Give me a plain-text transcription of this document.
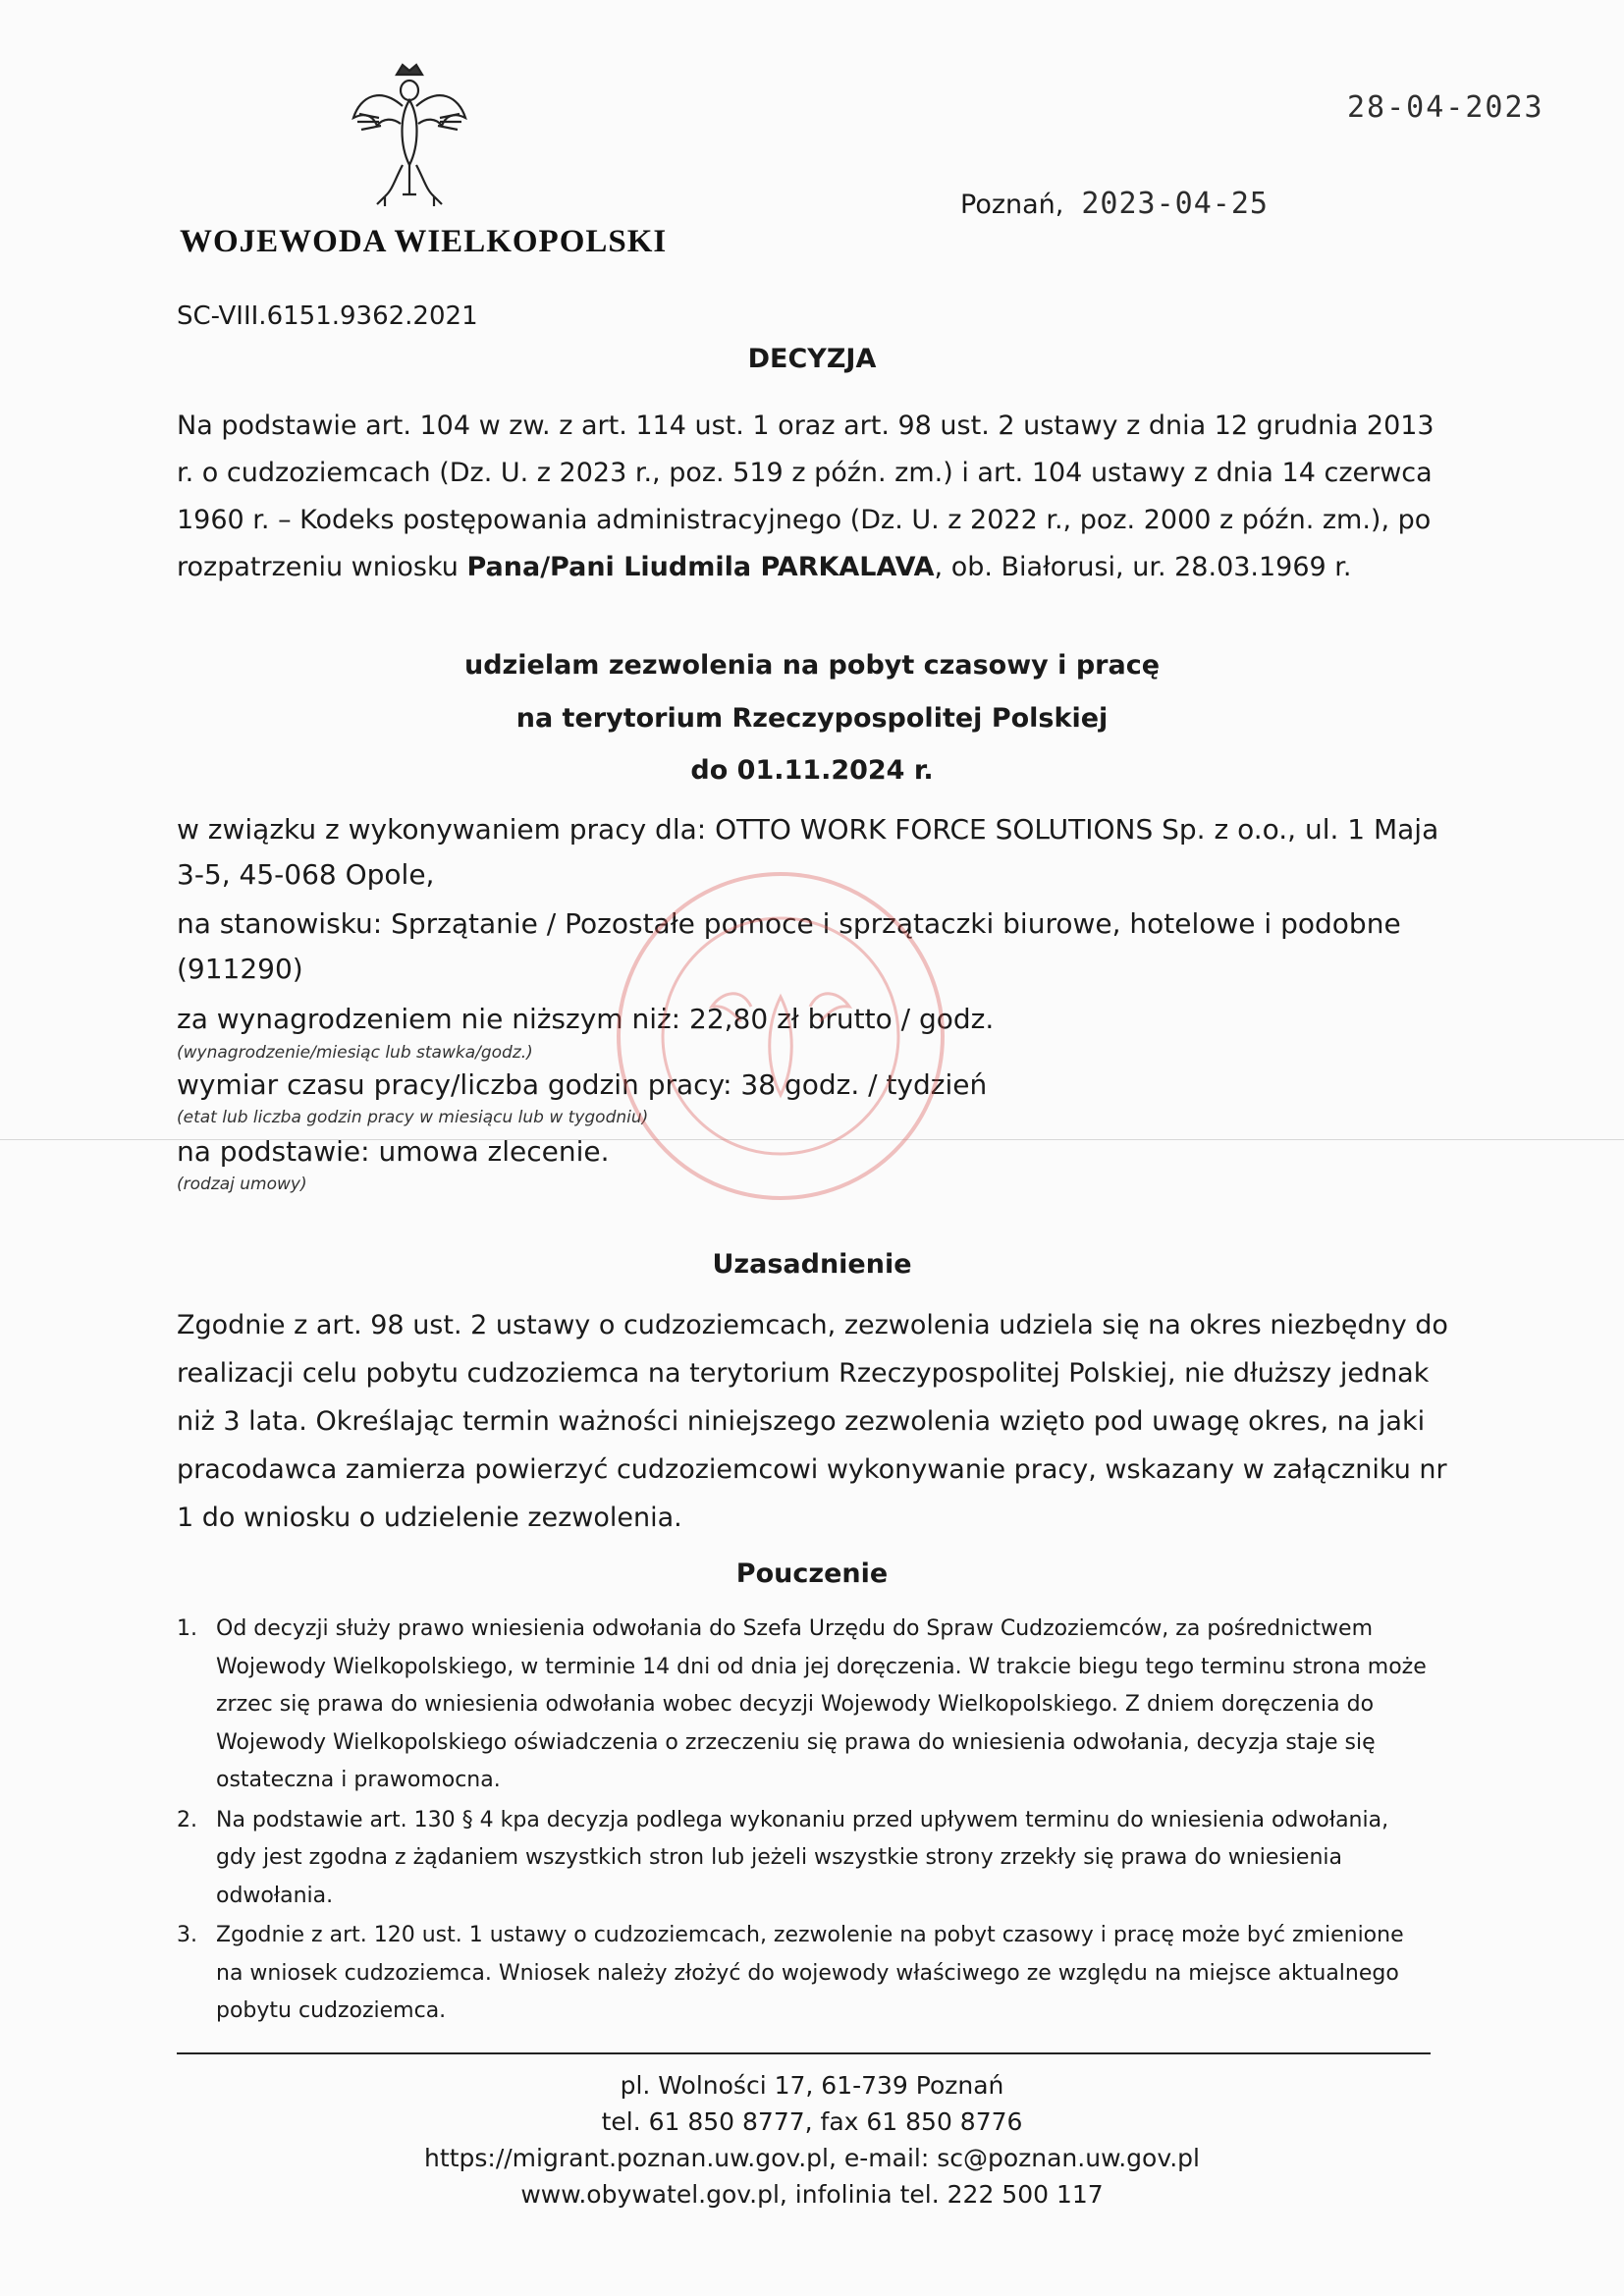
28-04-2023
WOJEWODA WIELKOPOLSKI
Poznań, 2023-04-25
SC-VIII.6151.9362.2021
DECYZJA
Na podstawie art. 104 w zw. z art. 114 ust. 1 oraz art. 98 ust. 2 ustawy z dnia 12 grudnia 2013 r. o cudzoziemcach (Dz. U. z 2023 r., poz. 519 z późn. zm.) i art. 104 ustawy z dnia 14 czerwca 1960 r. – Kodeks postępowania administracyjnego (Dz. U. z 2022 r., poz. 2000 z późn. zm.), po rozpatrzeniu wniosku Pana/Pani Liudmila PARKALAVA, ob. Białorusi, ur. 28.03.1969 r.
udzielam zezwolenia na pobyt czasowy i pracę
na terytorium Rzeczypospolitej Polskiej
do 01.11.2024 r.
w związku z wykonywaniem pracy dla: OTTO WORK FORCE SOLUTIONS Sp. z o.o., ul. 1 Maja 3-5, 45-068 Opole,
na stanowisku: Sprzątanie / Pozostałe pomoce i sprzątaczki biurowe, hotelowe i podobne (911290)
za wynagrodzeniem nie niższym niż: 22,80 zł brutto / godz.
(wynagrodzenie/miesiąc lub stawka/godz.)
wymiar czasu pracy/liczba godzin pracy: 38 godz. / tydzień
(etat lub liczba godzin pracy w miesiącu lub w tygodniu)
na podstawie: umowa zlecenie.
(rodzaj umowy)
Uzasadnienie
Zgodnie z art. 98 ust. 2 ustawy o cudzoziemcach, zezwolenia udziela się na okres niezbędny do realizacji celu pobytu cudzoziemca na terytorium Rzeczypospolitej Polskiej, nie dłuższy jednak niż 3 lata. Określając termin ważności niniejszego zezwolenia wzięto pod uwagę okres, na jaki pracodawca zamierza powierzyć cudzoziemcowi wykonywanie pracy, wskazany w załączniku nr 1 do wniosku o udzielenie zezwolenia.
Pouczenie
1. Od decyzji służy prawo wniesienia odwołania do Szefa Urzędu do Spraw Cudzoziemców, za pośrednictwem Wojewody Wielkopolskiego, w terminie 14 dni od dnia jej doręczenia. W trakcie biegu tego terminu strona może zrzec się prawa do wniesienia odwołania wobec decyzji Wojewody Wielkopolskiego. Z dniem doręczenia do Wojewody Wielkopolskiego oświadczenia o zrzeczeniu się prawa do wniesienia odwołania, decyzja staje się ostateczna i prawomocna.
2. Na podstawie art. 130 § 4 kpa decyzja podlega wykonaniu przed upływem terminu do wniesienia odwołania, gdy jest zgodna z żądaniem wszystkich stron lub jeżeli wszystkie strony zrzekły się prawa do wniesienia odwołania.
3. Zgodnie z art. 120 ust. 1 ustawy o cudzoziemcach, zezwolenie na pobyt czasowy i pracę może być zmienione na wniosek cudzoziemca. Wniosek należy złożyć do wojewody właściwego ze względu na miejsce aktualnego pobytu cudzoziemca.
pl. Wolności 17, 61-739 Poznań
tel. 61 850 8777, fax 61 850 8776
https://migrant.poznan.uw.gov.pl, e-mail: sc@poznan.uw.gov.pl
www.obywatel.gov.pl, infolinia tel. 222 500 117
